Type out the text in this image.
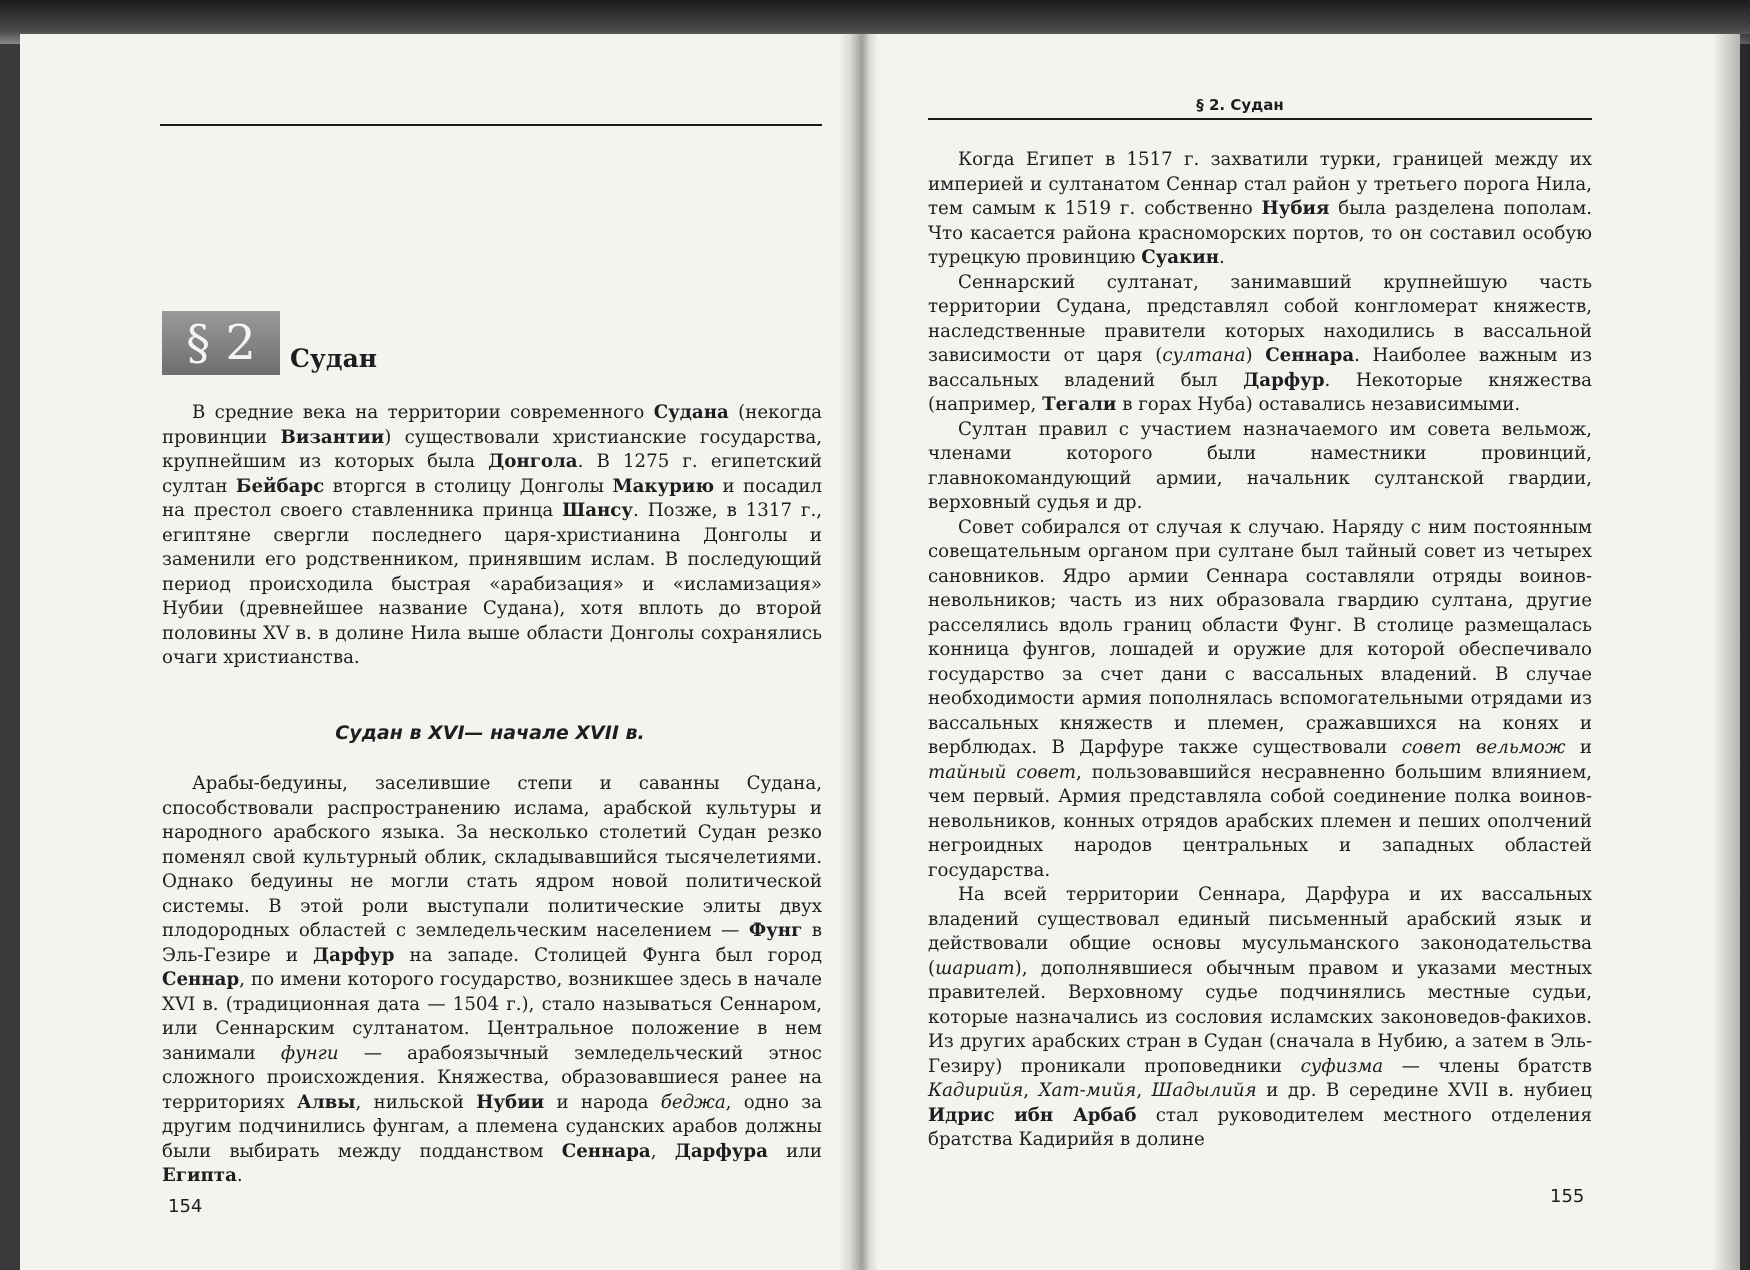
§ 2	Судан

В средние века на территории современного Судана (некогда провинции Византии) существовали христианские государства, крупнейшим из которых была Донгола. В 1275 г. египетский султан Бейбарс вторгся в столицу Донголы Макурию и посадил на престол своего ставленника принца Шансу. Позже, в 1317 г., египтяне свергли последнего царя-христианина Донголы и заменили его родственником, принявшим ислам. В последующий период происходила быстрая «арабизация» и «исламизация» Нубии (древнейшее название Судана), хотя вплоть до второй половины XV в. в долине Нила выше области Донголы сохранялись очаги христианства.

Судан в XVI— начале XVII в.

Арабы-бедуины, заселившие степи и саванны Судана, способствовали распространению ислама, арабской культуры и народного арабского языка. За несколько столетий Судан резко поменял свой культурный облик, складывавшийся тысячелетиями. Однако бедуины не могли стать ядром новой политической системы. В этой роли выступали политические элиты двух плодородных областей с земледельческим населением — Фунг в Эль-Гезире и Дарфур на западе. Столицей Фунга был город Сеннар, по имени которого государство, возникшее здесь в начале XVI в. (традиционная дата — 1504 г.), стало называться Сеннаром, или Сеннарским султанатом. Центральное положение в нем занимали фунги — арабоязычный земледельческий этнос сложного происхождения. Княжества, образовавшиеся ранее на территориях Алвы, нильской Нубии и народа беджа, одно за другим подчинились фунгам, а племена суданских арабов должны были выбирать между подданством Сеннара, Дарфура или Египта.

154
§ 2. Судан

Когда Египет в 1517 г. захватили турки, границей между их империей и султанатом Сеннар стал район у третьего порога Нила, тем самым к 1519 г. собственно Нубия была разделена пополам. Что касается района красноморских портов, то он составил особую турецкую провинцию Суакин.

Сеннарский султанат, занимавший крупнейшую часть территории Судана, представлял собой конгломерат княжеств, наследственные правители которых находились в вассальной зависимости от царя (султана) Сеннара. Наиболее важным из вассальных владений был Дарфур. Некоторые княжества (например, Тегали в горах Нуба) оставались независимыми.

Султан правил с участием назначаемого им совета вельмож, членами которого были наместники провинций, главнокомандующий армии, начальник султанской гвардии, верховный судья и др.

Совет собирался от случая к случаю. Наряду с ним постоянным совещательным органом при султане был тайный совет из четырех сановников. Ядро армии Сеннара составляли отряды воинов-невольников; часть из них образовала гвардию султана, другие расселялись вдоль границ области Фунг. В столице размещалась конница фунгов, лошадей и оружие для которой обеспечивало государство за счет дани с вассальных владений. В случае необходимости армия пополнялась вспомогательными отрядами из вассальных княжеств и племен, сражавшихся на конях и верблюдах. В Дарфуре также существовали совет вельмож и тайный совет, пользовавшийся несравненно большим влиянием, чем первый. Армия представляла собой соединение полка воинов-невольников, конных отрядов арабских племен и пеших ополчений негроидных народов центральных и западных областей государства.

На всей территории Сеннара, Дарфура и их вассальных владений существовал единый письменный арабский язык и действовали общие основы мусульманского законодательства (шариат), дополнявшиеся обычным правом и указами местных правителей. Верховному судье подчинялись местные судьи, которые назначались из сословия исламских законоведов-факихов. Из других арабских стран в Судан (сначала в Нубию, а затем в Эль-Гезиру) проникали проповедники суфизма — члены братств Кадирийя, Хат-мийя, Шадылийя и др. В середине XVII в. нубиец Идрис ибн Арбаб стал руководителем местного отделения братства Кадирийя в долине

155
